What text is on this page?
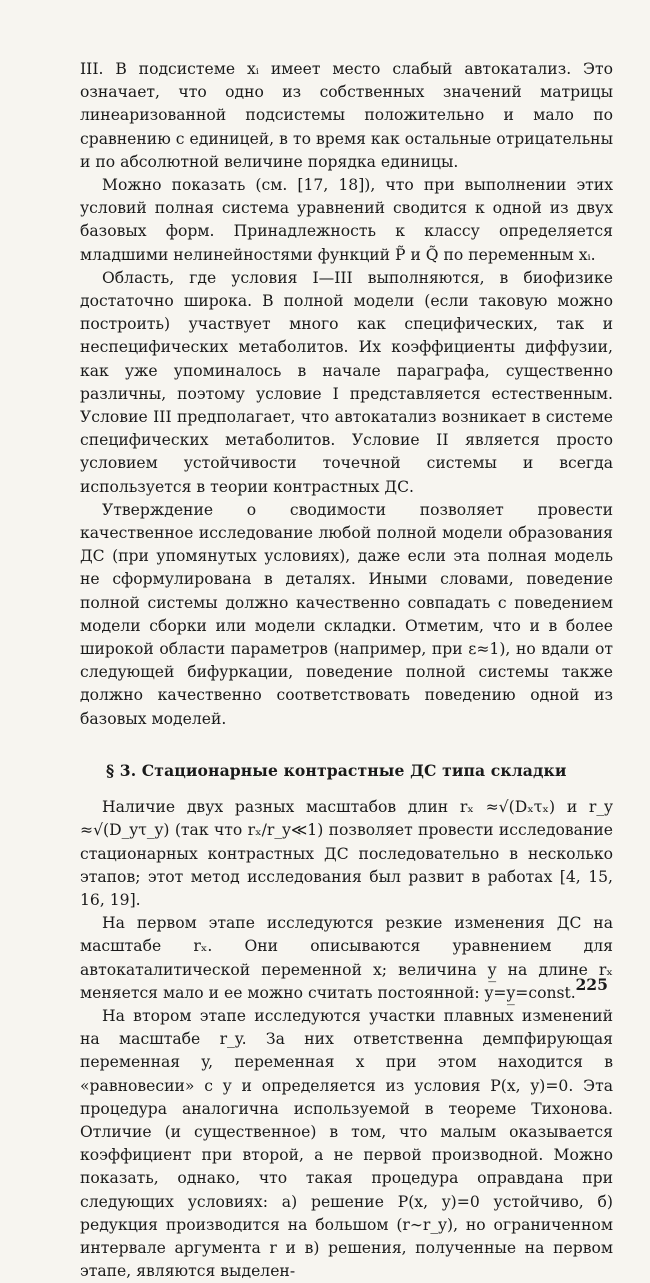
III. В подсистеме xᵢ имеет место слабый автокатализ. Это означает, что одно из собственных значений матрицы линеаризованной подсистемы положительно и мало по сравнению с единицей, в то время как остальные отрицательны и по абсолютной величине порядка единицы.

Можно показать (см. [17, 18]), что при выполнении этих условий полная система уравнений сводится к одной из двух базовых форм. Принадлежность к классу определяется младшими нелинейностями функций P̃ и Q̃ по переменным xᵢ.

Область, где условия I—III выполняются, в биофизике достаточно широка. В полной модели (если таковую можно построить) участвует много как специфических, так и неспецифических метаболитов. Их коэффициенты диффузии, как уже упоминалось в начале параграфа, существенно различны, поэтому условие I представляется естественным. Условие III предполагает, что автокатализ возникает в системе специфических метаболитов. Условие II является просто условием устойчивости точечной системы и всегда используется в теории контрастных ДС.

Утверждение о сводимости позволяет провести качественное исследование любой полной модели образования ДС (при упомянутых условиях), даже если эта полная модель не сформулирована в деталях. Иными словами, поведение полной системы должно качественно совпадать с поведением модели сборки или модели складки. Отметим, что и в более широкой области параметров (например, при ε≈1), но вдали от следующей бифуркации, поведение полной системы также должно качественно соответствовать поведению одной из базовых моделей.

§ 3. Стационарные контрастные ДС типа складки

Наличие двух разных масштабов длин rₓ ≈√(Dₓτₓ) и r_y ≈√(D_yτ_y) (так что rₓ/r_y≪1) позволяет провести исследование стационарных контрастных ДС последовательно в несколько этапов; этот метод исследования был развит в работах [4, 15, 16, 19].

На первом этапе исследуются резкие изменения ДС на масштабе rₓ. Они описываются уравнением для автокаталитической переменной x; величина y̲ на длине rₓ меняется мало и ее можно считать постоянной: y=y̲=const.

На втором этапе исследуются участки плавных изменений на масштабе r_y. За них ответственна демпфирующая переменная y, переменная x при этом находится в «равновесии» с y и определяется из условия P(x, y)=0. Эта процедура аналогична используемой в теореме Тихонова. Отличие (и существенное) в том, что малым оказывается коэффициент при второй, а не первой производной. Можно показать, однако, что такая процедура оправдана при следующих условиях: а) решение P(x, y)=0 устойчиво, б) редукция производится на большом (r∼r_y), но ограниченном интервале аргумента r и в) решения, полученные на первом этапе, являются выделен-

225
